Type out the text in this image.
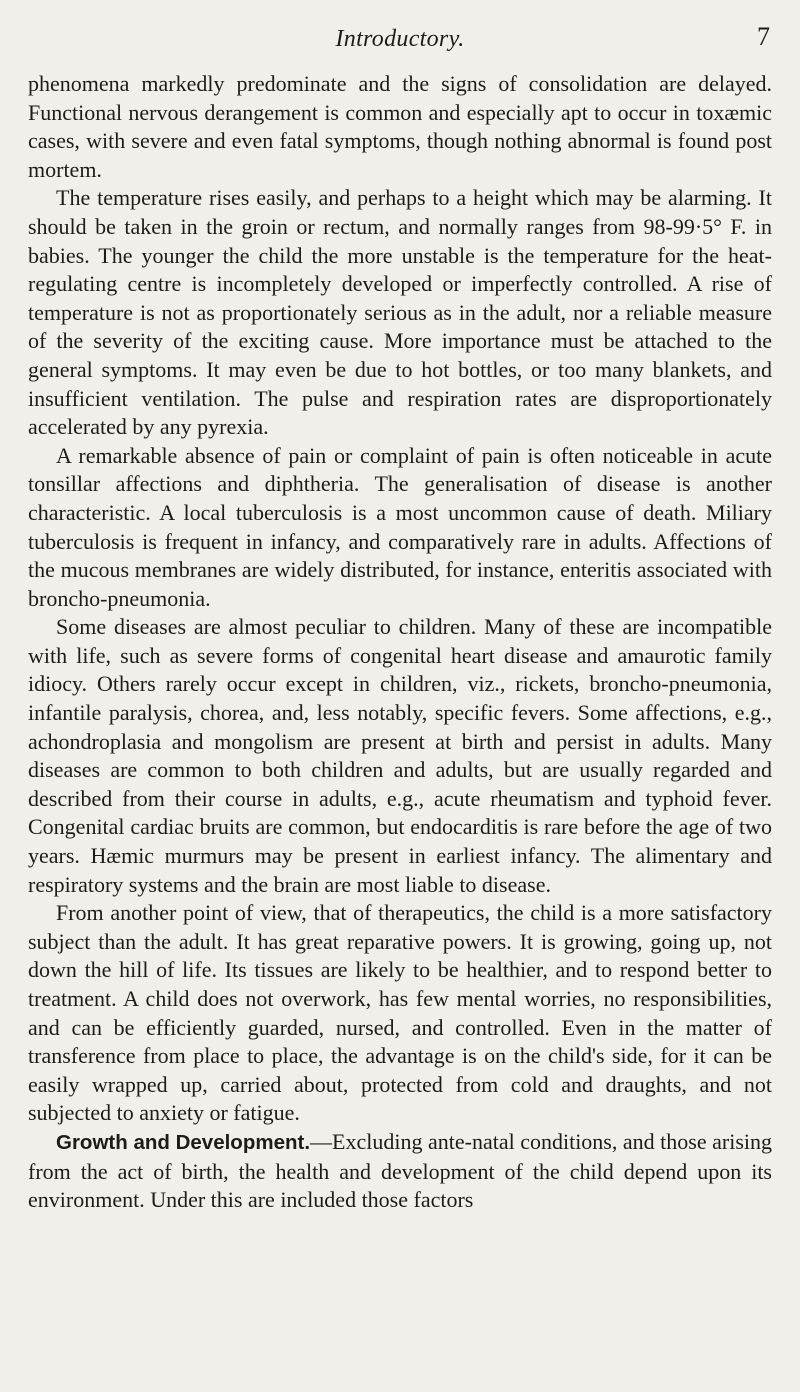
Introductory.	7

phenomena markedly predominate and the signs of consolidation are delayed. Functional nervous derangement is common and especially apt to occur in toxæmic cases, with severe and even fatal symptoms, though nothing abnormal is found post mortem.

The temperature rises easily, and perhaps to a height which may be alarming. It should be taken in the groin or rectum, and normally ranges from 98-99·5° F. in babies. The younger the child the more unstable is the temperature for the heat-regulating centre is incompletely developed or imperfectly controlled. A rise of temperature is not as proportionately serious as in the adult, nor a reliable measure of the severity of the exciting cause. More importance must be attached to the general symptoms. It may even be due to hot bottles, or too many blankets, and insufficient ventilation. The pulse and respiration rates are disproportionately accelerated by any pyrexia.

A remarkable absence of pain or complaint of pain is often noticeable in acute tonsillar affections and diphtheria. The generalisation of disease is another characteristic. A local tuberculosis is a most uncommon cause of death. Miliary tuberculosis is frequent in infancy, and comparatively rare in adults. Affections of the mucous membranes are widely distributed, for instance, enteritis associated with broncho-pneumonia.

Some diseases are almost peculiar to children. Many of these are incompatible with life, such as severe forms of congenital heart disease and amaurotic family idiocy. Others rarely occur except in children, viz., rickets, broncho-pneumonia, infantile paralysis, chorea, and, less notably, specific fevers. Some affections, e.g., achondroplasia and mongolism are present at birth and persist in adults. Many diseases are common to both children and adults, but are usually regarded and described from their course in adults, e.g., acute rheumatism and typhoid fever. Congenital cardiac bruits are common, but endocarditis is rare before the age of two years. Hæmic murmurs may be present in earliest infancy. The alimentary and respiratory systems and the brain are most liable to disease.

From another point of view, that of therapeutics, the child is a more satisfactory subject than the adult. It has great reparative powers. It is growing, going up, not down the hill of life. Its tissues are likely to be healthier, and to respond better to treatment. A child does not overwork, has few mental worries, no responsibilities, and can be efficiently guarded, nursed, and controlled. Even in the matter of transference from place to place, the advantage is on the child's side, for it can be easily wrapped up, carried about, protected from cold and draughts, and not subjected to anxiety or fatigue.

Growth and Development.—Excluding ante-natal conditions, and those arising from the act of birth, the health and development of the child depend upon its environment. Under this are included those factors
